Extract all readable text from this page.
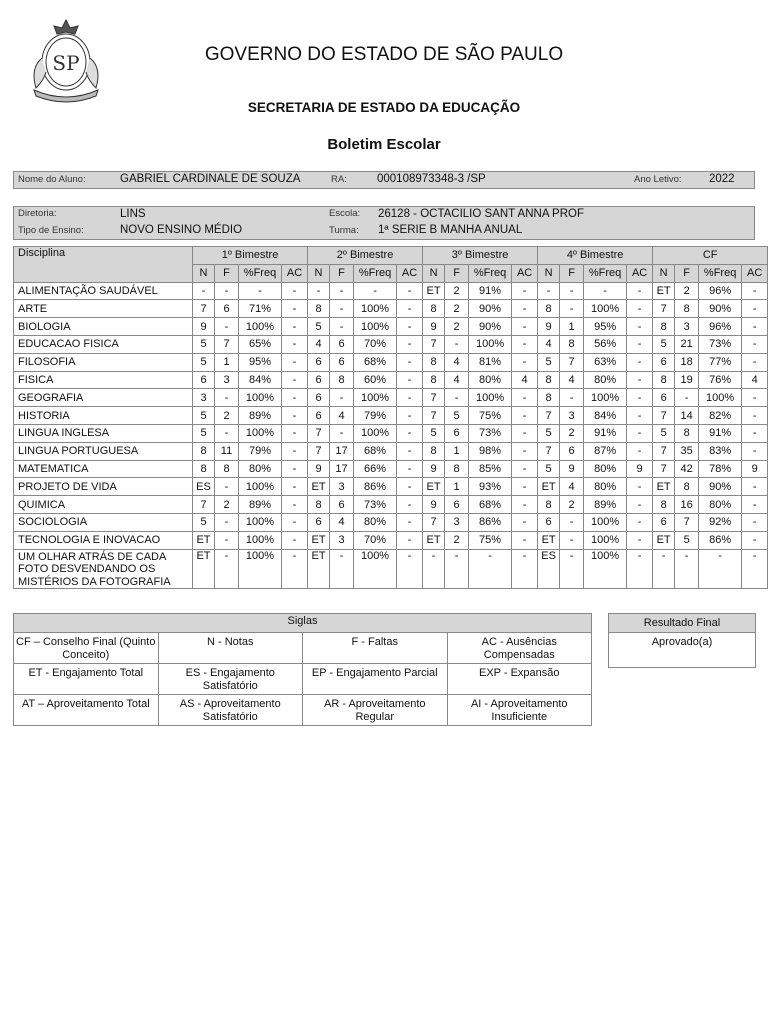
SP	GOVERNO DO ESTADO DE SÃO PAULO
SECRETARIA DE ESTADO DA EDUCAÇÃO
Boletim Escolar
Nome do Aluno:	GABRIEL CARDINALE DE SOUZA	RA:	000108973348-3 /SP	Ano Letivo: 2022
Diretoria:	LINS	Escola: 26128 - OCTACILIO SANT ANNA PROF
Tipo de Ensino:	NOVO ENSINO MÉDIO	Turma: 1ª SERIE B MANHA ANUAL
Disciplina	1º Bimestre				2º Bimestre				3º Bimestre				4º Bimestre				CF			
	N	F	%Freq	AC	N	F	%Freq	AC	N	F	%Freq	AC	N	F	%Freq	AC	N	F	%Freq	AC
ALIMENTAÇÃO SAUDÁVEL	-	-	-	-	-	-	-	-	ET	2	91%	-	-	-	-	-	ET	2	96%	-
ARTE	7	6	71%	-	8	-	100%	-	8	2	90%	-	8	-	100%	-	7	8	90%	-
BIOLOGIA	9	-	100%	-	5	-	100%	-	9	2	90%	-	9	1	95%	-	8	3	96%	-
EDUCACAO FISICA	5	7	65%	-	4	6	70%	-	7	-	100%	-	4	8	56%	-	5	21	73%	-
FILOSOFIA	5	1	95%	-	6	6	68%	-	8	4	81%	-	5	7	63%	-	6	18	77%	-
FISICA	6	3	84%	-	6	8	60%	-	8	4	80%	4	8	4	80%	-	8	19	76%	4
GEOGRAFIA	3	-	100%	-	6	-	100%	-	7	-	100%	-	8	-	100%	-	6	-	100%	-
HISTORIA	5	2	89%	-	6	4	79%	-	7	5	75%	-	7	3	84%	-	7	14	82%	-
LINGUA INGLESA	5	-	100%	-	7	-	100%	-	5	6	73%	-	5	2	91%	-	5	8	91%	-
LINGUA PORTUGUESA	8	11	79%	-	7	17	68%	-	8	1	98%	-	7	6	87%	-	7	35	83%	-
MATEMATICA	8	8	80%	-	9	17	66%	-	9	8	85%	-	5	9	80%	9	7	42	78%	9
PROJETO DE VIDA	ES	-	100%	-	ET	3	86%	-	ET	1	93%	-	ET	4	80%	-	ET	8	90%	-
QUIMICA	7	2	89%	-	8	6	73%	-	9	6	68%	-	8	2	89%	-	8	16	80%	-
SOCIOLOGIA	5	-	100%	-	6	4	80%	-	7	3	86%	-	6	-	100%	-	6	7	92%	-
TECNOLOGIA E INOVACAO	ET	-	100%	-	ET	3	70%	-	ET	2	75%	-	ET	-	100%	-	ET	5	86%	-
UM OLHAR ATRÁS DE CADA FOTO DESVENDANDO OS MISTÉRIOS DA FOTOGRAFIA	ET	-	100%	-	ET	-	100%	-	-	-	-	-	ES	-	100%	-	-	-	-	-
Siglas			
CF – Conselho Final (Quinto Conceito)	N - Notas	F - Faltas	AC - Ausências Compensadas
ET - Engajamento Total	ES - Engajamento Satisfatório	EP - Engajamento Parcial	EXP - Expansão
AT – Aproveitamento Total	AS - Aproveitamento Satisfatório	AR - Aproveitamento Regular	AI - Aproveitamento Insuficiente
Resultado Final
Aprovado(a)
